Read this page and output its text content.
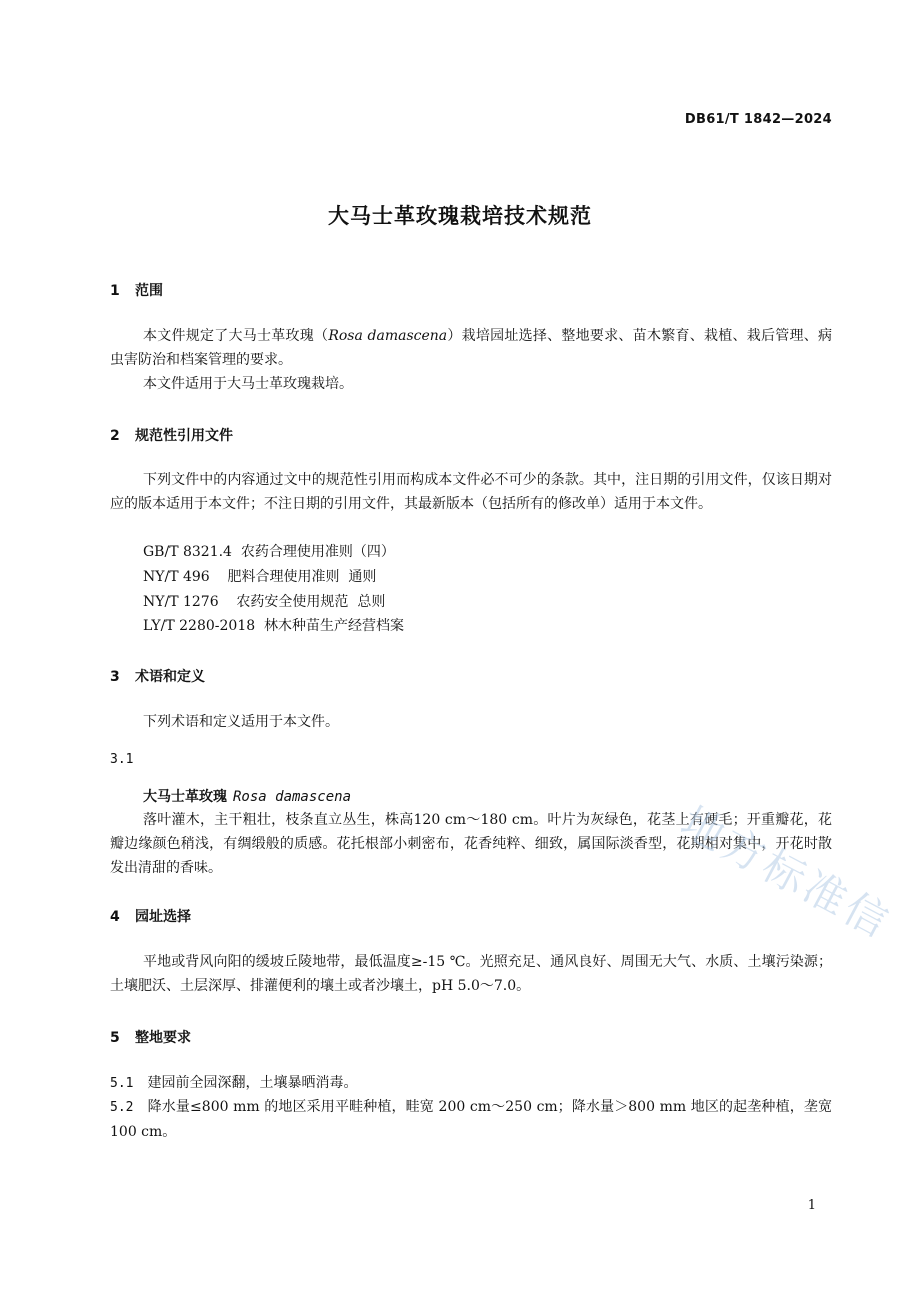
DB61/T 1842—2024
大马士革玫瑰栽培技术规范
1 范围
本文件规定了大马士革玫瑰（Rosa damascena）栽培园址选择、整地要求、苗木繁育、栽植、栽后管理、病虫害防治和档案管理的要求。
本文件适用于大马士革玫瑰栽培。
2 规范性引用文件
下列文件中的内容通过文中的规范性引用而构成本文件必不可少的条款。其中，注日期的引用文件，仅该日期对应的版本适用于本文件；不注日期的引用文件，其最新版本（包括所有的修改单）适用于本文件。
GB/T 8321.4  农药合理使用准则（四）
NY/T 496    肥料合理使用准则  通则
NY/T 1276    农药安全使用规范  总则
LY/T 2280-2018  林木种苗生产经营档案
3 术语和定义
下列术语和定义适用于本文件。
3.1
大马士革玫瑰 Rosa damascena
落叶灌木，主干粗壮，枝条直立丛生，株高120 cm～180 cm。叶片为灰绿色，花茎上有硬毛；开重瓣花，花瓣边缘颜色稍浅，有绸缎般的质感。花托根部小刺密布，花香纯粹、细致，属国际淡香型，花期相对集中，开花时散发出清甜的香味。
4 园址选择
平地或背风向阳的缓坡丘陵地带，最低温度≥-15 ℃。光照充足、通风良好、周围无大气、水质、土壤污染源；土壤肥沃、土层深厚、排灌便利的壤土或者沙壤土，pH 5.0～7.0。
5 整地要求
5.1 建园前全园深翻，土壤暴晒消毒。
5.2 降水量≤800 mm 的地区采用平畦种植，畦宽 200 cm～250 cm；降水量＞800 mm 地区的起垄种植，垄宽 100 cm。
地方标准信
1
